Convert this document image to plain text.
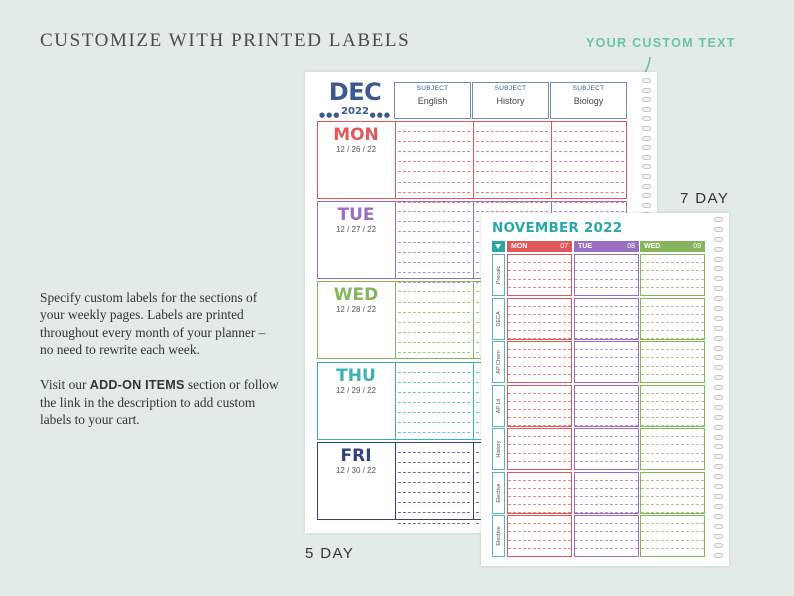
CUSTOMIZE WITH PRINTED LABELS	YOUR CUSTOM TEXT

Specify custom labels for the sections of your weekly pages. Labels are printed throughout every month of your planner – no need to rewrite each week.

Visit our ADD-ON ITEMS section or follow the link in the description to add custom labels to your cart.

DEC
2022
●●●	●●●
SUBJECT
English
SUBJECT
History
SUBJECT
Biology
MON
12 / 26 / 22
TUE
12 / 27 / 22
WED
12 / 28 / 22
THU
12 / 29 / 22
FRI
12 / 30 / 22
5 DAY
7 DAY
NOVEMBER 2022
MON	07 TUE	08 WED	09
Precalc
DECA
AP Chem
AP Lit
History
Elective
Elective
